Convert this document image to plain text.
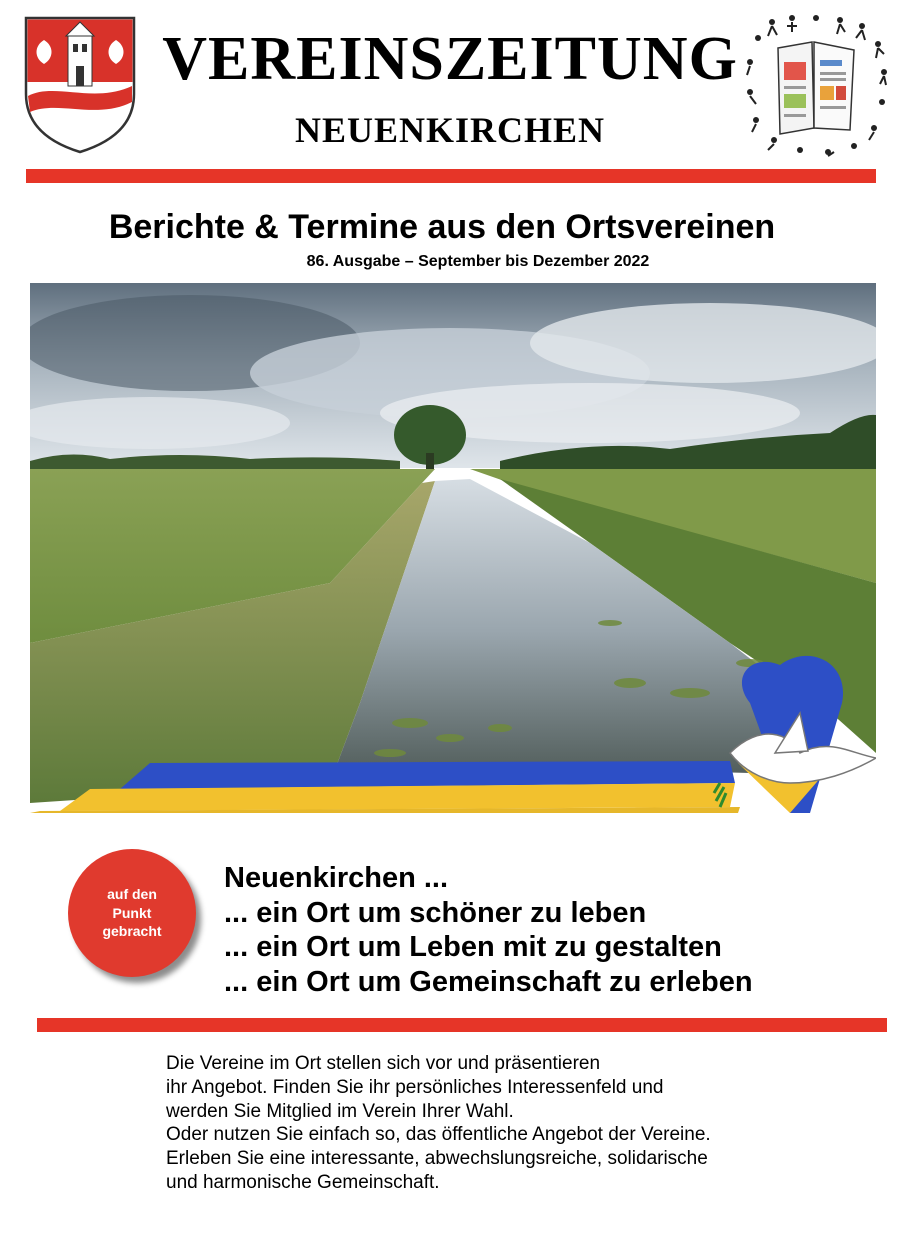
VEREINSZEITUNG
NEUENKIRCHEN
Berichte & Termine aus den Ortsvereinen
86. Ausgabe – September bis Dezember 2022
auf den
Punkt
gebracht
Neuenkirchen ...
... ein Ort um schöner zu leben
... ein Ort um Leben mit zu gestalten
... ein Ort um Gemeinschaft zu erleben
Die Vereine im Ort stellen sich vor und präsentieren
ihr Angebot. Finden Sie ihr persönliches Interessenfeld und
werden Sie Mitglied im Verein Ihrer Wahl.
Oder nutzen Sie einfach so, das öffentliche Angebot der Vereine.
Erleben Sie eine interessante, abwechslungsreiche, solidarische
und harmonische Gemeinschaft.
